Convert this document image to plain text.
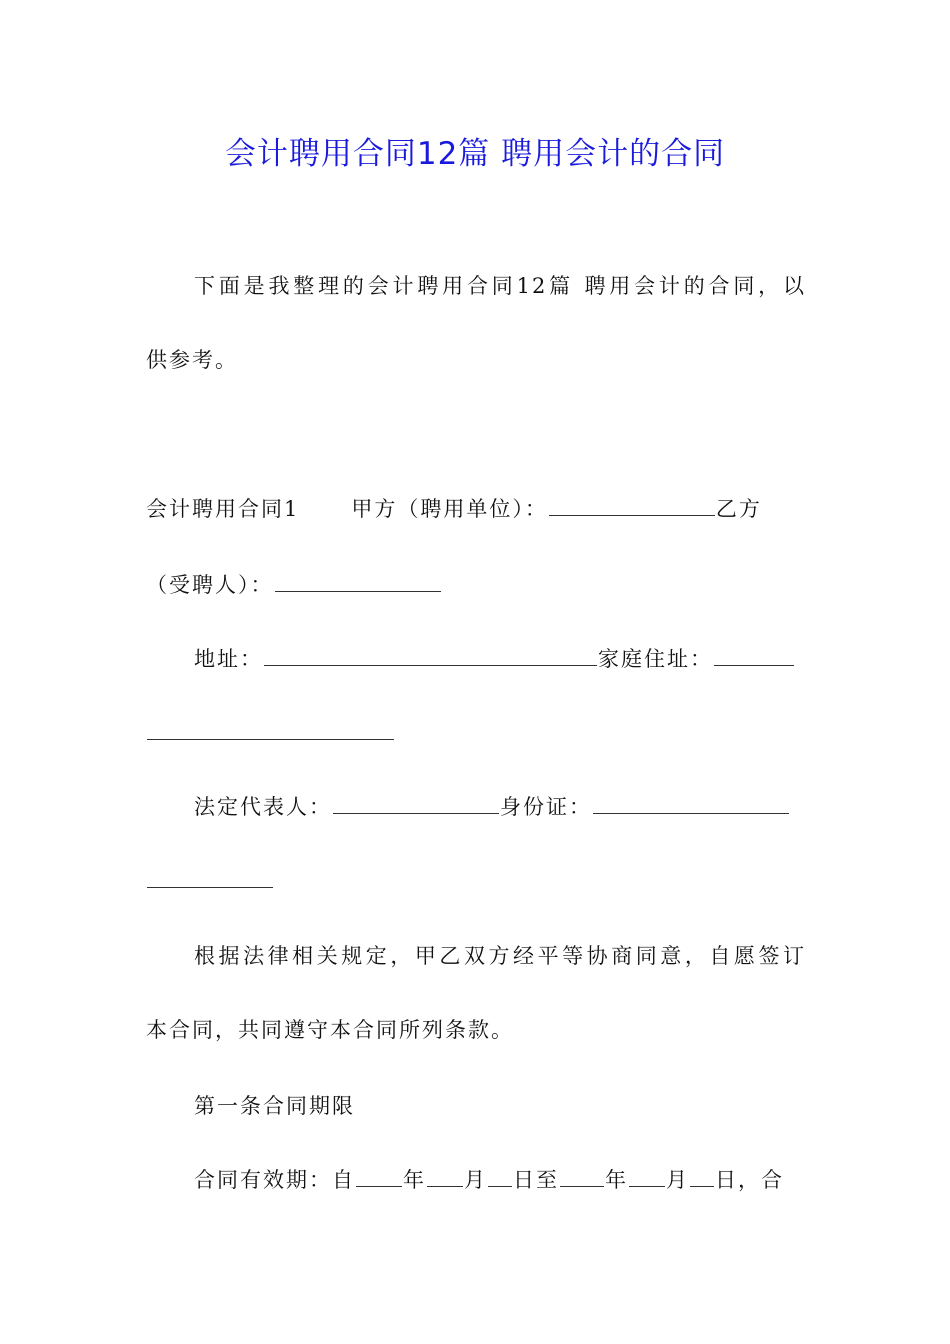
会计聘用合同12篇 聘用会计的合同
下面是我整理的会计聘用合同12篇 聘用会计的合同，以
供参考。
会计聘用合同1 甲方（聘用单位）：	乙方
（受聘人）：
地址：	家庭住址：
法定代表人：	身份证：
根据法律相关规定，甲乙双方经平等协商同意，自愿签订
本合同，共同遵守本合同所列条款。
第一条合同期限
合同有效期：自 年 月 日至 年 月 日，合
